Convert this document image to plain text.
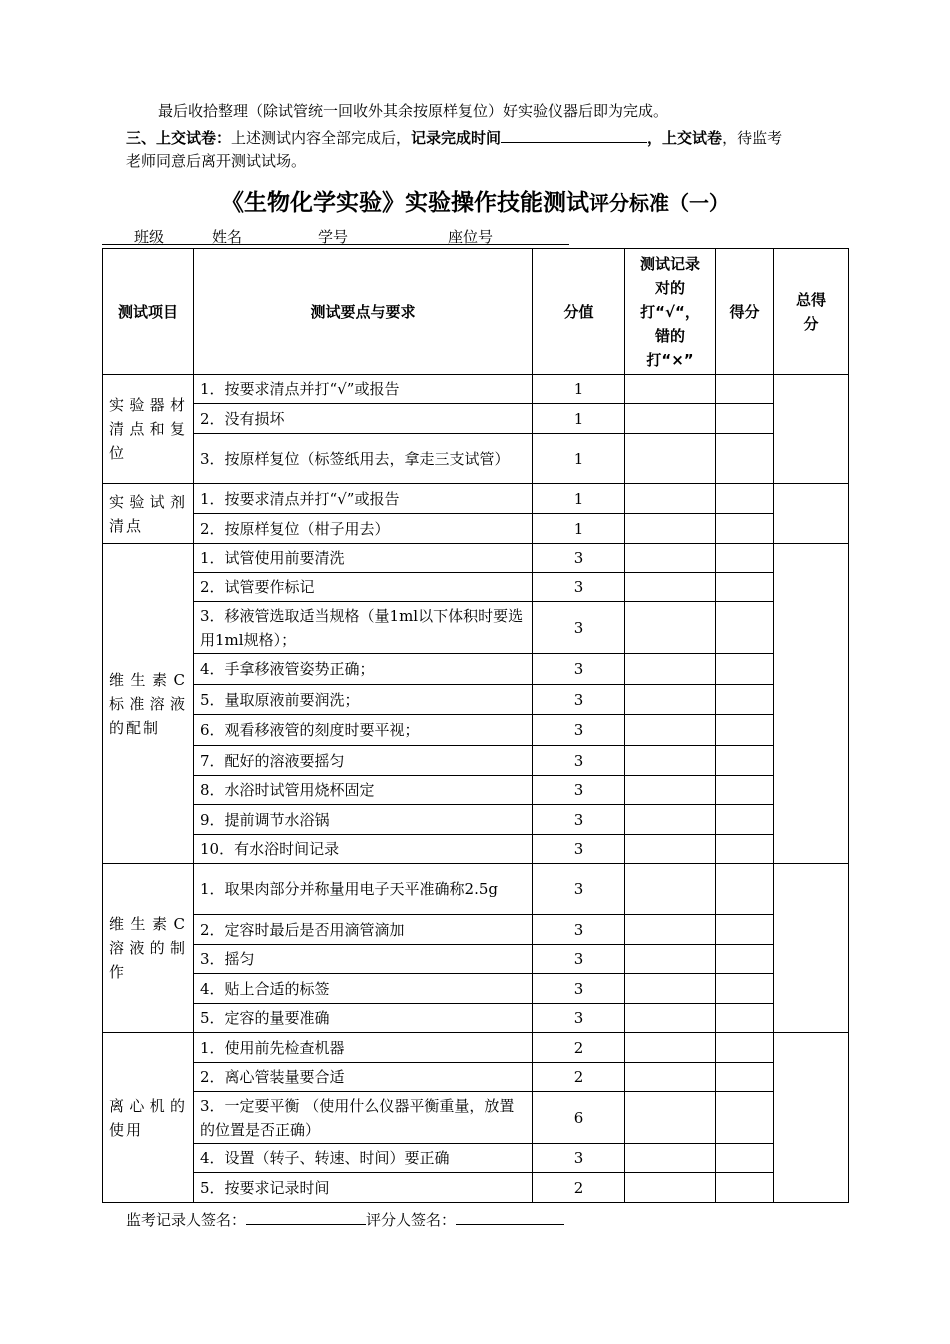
最后收拾整理（除试管统一回收外其余按原样复位）好实验仪器后即为完成。
三、上交试卷：上述测试内容全部完成后，记录完成时间	，上交试卷，待监考
老师同意后离开测试试场。
《生物化学实验》实验操作技能测试评分标准（一）
班级	姓名	学号	座位号
测试项目	测试要点与要求	分值	测试记录对的打“√“，错的打“×”	得分	总得分
实验器材清点和复位	1．按要求清点并打“√”或报告	1			
	2．没有损坏	1			
	3．按原样复位（标签纸用去，拿走三支试管）	1			
实验试剂清点	1．按要求清点并打“√”或报告	1			
	2．按原样复位（柑子用去）	1			
维生素C标准溶液的配制	1．试管使用前要清洗	3			
	2．试管要作标记	3			
	3．移液管选取适当规格（量1ml以下体积时要选用1ml规格）；	3			
	4．手拿移液管姿势正确；	3			
	5．量取原液前要润洗；	3			
	6．观看移液管的刻度时要平视；	3			
	7．配好的溶液要摇匀	3			
	8．水浴时试管用烧杯固定	3			
	9．提前调节水浴锅	3			
	10．有水浴时间记录	3			
维生素C溶液的制作	1．取果肉部分并称量用电子天平准确称2.5g	3			
	2．定容时最后是否用滴管滴加	3			
	3．摇匀	3			
	4．贴上合适的标签	3			
	5．定容的量要准确	3			
离心机的使用	1．使用前先检查机器	2			
	2．离心管装量要合适	2			
	3．一定要平衡 （使用什么仪器平衡重量，放置的位置是否正确）	6			
	4．设置（转子、转速、时间）要正确	3			
	5．按要求记录时间	2			
监考记录人签名：	评分人签名：
